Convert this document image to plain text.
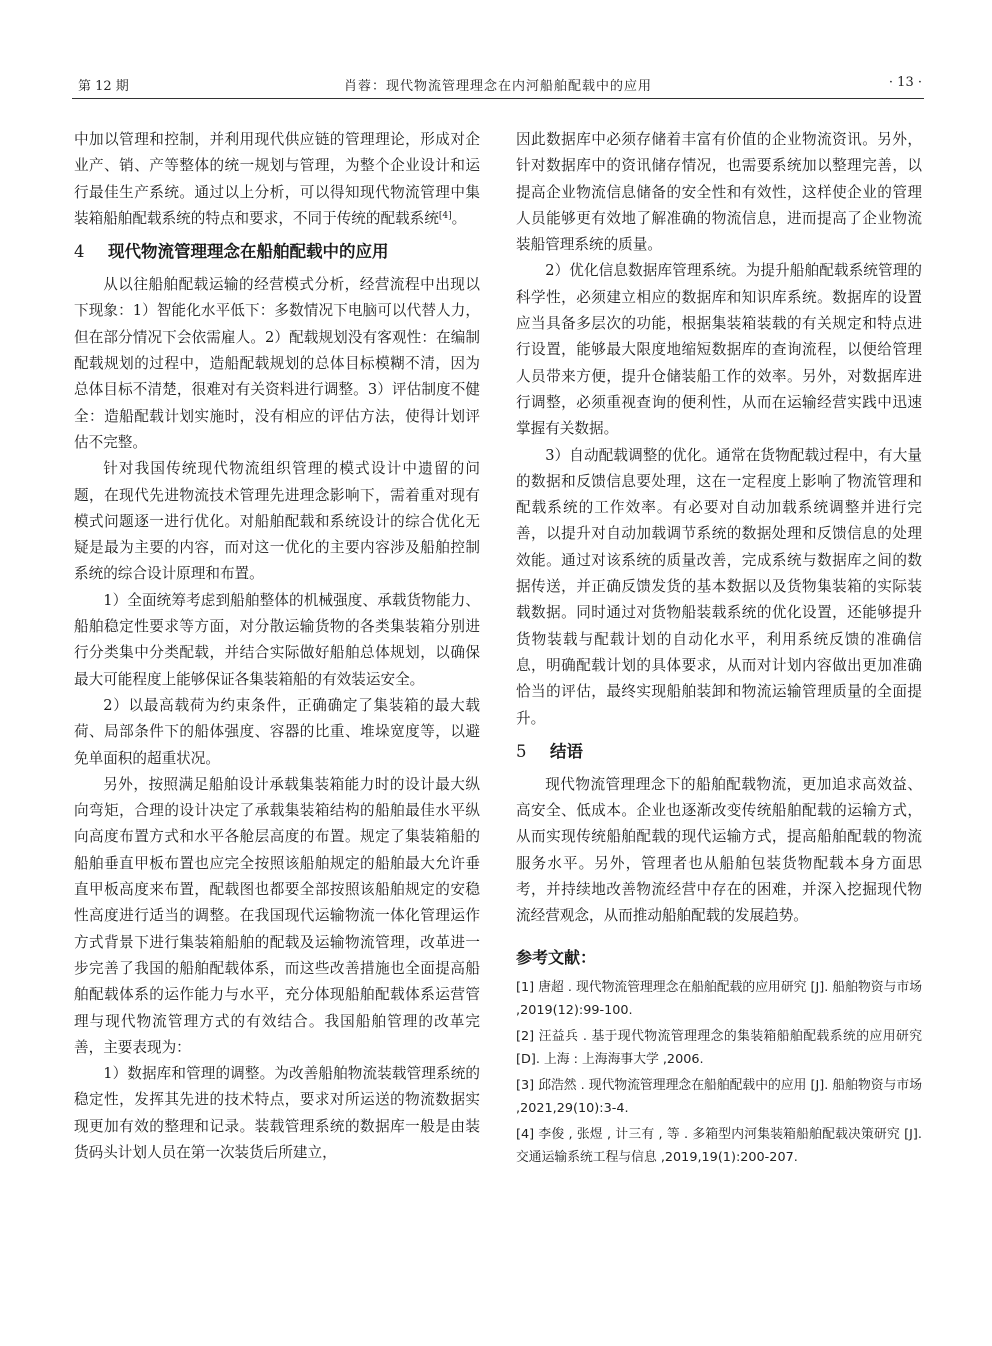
第 12 期	肖蓉：现代物流管理理念在内河船舶配载中的应用	· 13 ·

中加以管理和控制，并利用现代供应链的管理理论，形成对企业产、销、产等整体的统一规划与管理，为整个企业设计和运行最佳生产系统。通过以上分析，可以得知现代物流管理中集装箱船舶配载系统的特点和要求，不同于传统的配载系统[4]。

4 现代物流管理理念在船舶配载中的应用

从以往船舶配载运输的经营模式分析，经营流程中出现以下现象：1）智能化水平低下：多数情况下电脑可以代替人力，但在部分情况下会依需雇人。2）配载规划没有客观性：在编制配载规划的过程中，造船配载规划的总体目标模糊不清，因为总体目标不清楚，很难对有关资料进行调整。3）评估制度不健全：造船配载计划实施时，没有相应的评估方法，使得计划评估不完整。

针对我国传统现代物流组织管理的模式设计中遗留的问题，在现代先进物流技术管理先进理念影响下，需着重对现有模式问题逐一进行优化。对船舶配载和系统设计的综合优化无疑是最为主要的内容，而对这一优化的主要内容涉及船舶控制系统的综合设计原理和布置。

1）全面统筹考虑到船舶整体的机械强度、承载货物能力、船舶稳定性要求等方面，对分散运输货物的各类集装箱分别进行分类集中分类配载，并结合实际做好船舶总体规划，以确保最大可能程度上能够保证各集装箱船的有效装运安全。

2）以最高载荷为约束条件，正确确定了集装箱的最大载荷、局部条件下的船体强度、容器的比重、堆垛宽度等，以避免单面积的超重状况。

另外，按照满足船舶设计承载集装箱能力时的设计最大纵向弯矩，合理的设计决定了承载集装箱结构的船舶最佳水平纵向高度布置方式和水平各舱层高度的布置。规定了集装箱船的船舶垂直甲板布置也应完全按照该船舶规定的船舶最大允许垂直甲板高度来布置，配载图也都要全部按照该船舶规定的安稳性高度进行适当的调整。在我国现代运输物流一体化管理运作方式背景下进行集装箱船舶的配载及运输物流管理，改革进一步完善了我国的船舶配载体系，而这些改善措施也全面提高船舶配载体系的运作能力与水平，充分体现船舶配载体系运营管理与现代物流管理方式的有效结合。我国船舶管理的改革完善，主要表现为：

1）数据库和管理的调整。为改善船舶物流装载管理系统的稳定性，发挥其先进的技术特点，要求对所运送的物流数据实现更加有效的整理和记录。装载管理系统的数据库一般是由装货码头计划人员在第一次装货后所建立，

因此数据库中必须存储着丰富有价值的企业物流资讯。另外，针对数据库中的资讯储存情况，也需要系统加以整理完善，以提高企业物流信息储备的安全性和有效性，这样使企业的管理人员能够更有效地了解准确的物流信息，进而提高了企业物流装船管理系统的质量。

2）优化信息数据库管理系统。为提升船舶配载系统管理的科学性，必须建立相应的数据库和知识库系统。数据库的设置应当具备多层次的功能，根据集装箱装载的有关规定和特点进行设置，能够最大限度地缩短数据库的查询流程，以便给管理人员带来方便，提升仓储装船工作的效率。另外，对数据库进行调整，必须重视查询的便利性，从而在运输经营实践中迅速掌握有关数据。

3）自动配载调整的优化。通常在货物配载过程中，有大量的数据和反馈信息要处理，这在一定程度上影响了物流管理和配载系统的工作效率。有必要对自动加载系统调整并进行完善，以提升对自动加载调节系统的数据处理和反馈信息的处理效能。通过对该系统的质量改善，完成系统与数据库之间的数据传送，并正确反馈发货的基本数据以及货物集装箱的实际装载数据。同时通过对货物船装载系统的优化设置，还能够提升货物装载与配载计划的自动化水平，利用系统反馈的准确信息，明确配载计划的具体要求，从而对计划内容做出更加准确恰当的评估，最终实现船舶装卸和物流运输管理质量的全面提升。

5 结语

现代物流管理理念下的船舶配载物流，更加追求高效益、高安全、低成本。企业也逐渐改变传统船舶配载的运输方式，从而实现传统船舶配载的现代运输方式，提高船舶配载的物流服务水平。另外，管理者也从船舶包装货物配载本身方面思考，并持续地改善物流经营中存在的困难，并深入挖掘现代物流经营观念，从而推动船舶配载的发展趋势。

参考文献：

[1] 唐超 . 现代物流管理理念在船舶配载的应用研究 [J]. 船舶物资与市场 ,2019(12):99-100.

[2] 汪益兵 . 基于现代物流管理理念的集装箱船舶配载系统的应用研究 [D]. 上海 : 上海海事大学 ,2006.

[3] 邱浩然 . 现代物流管理理念在船舶配载中的应用 [J]. 船舶物资与市场 ,2021,29(10):3-4.

[4] 李俊 , 张煜 , 计三有 , 等 . 多箱型内河集装箱船舶配载决策研究 [J]. 交通运输系统工程与信息 ,2019,19(1):200-207.
